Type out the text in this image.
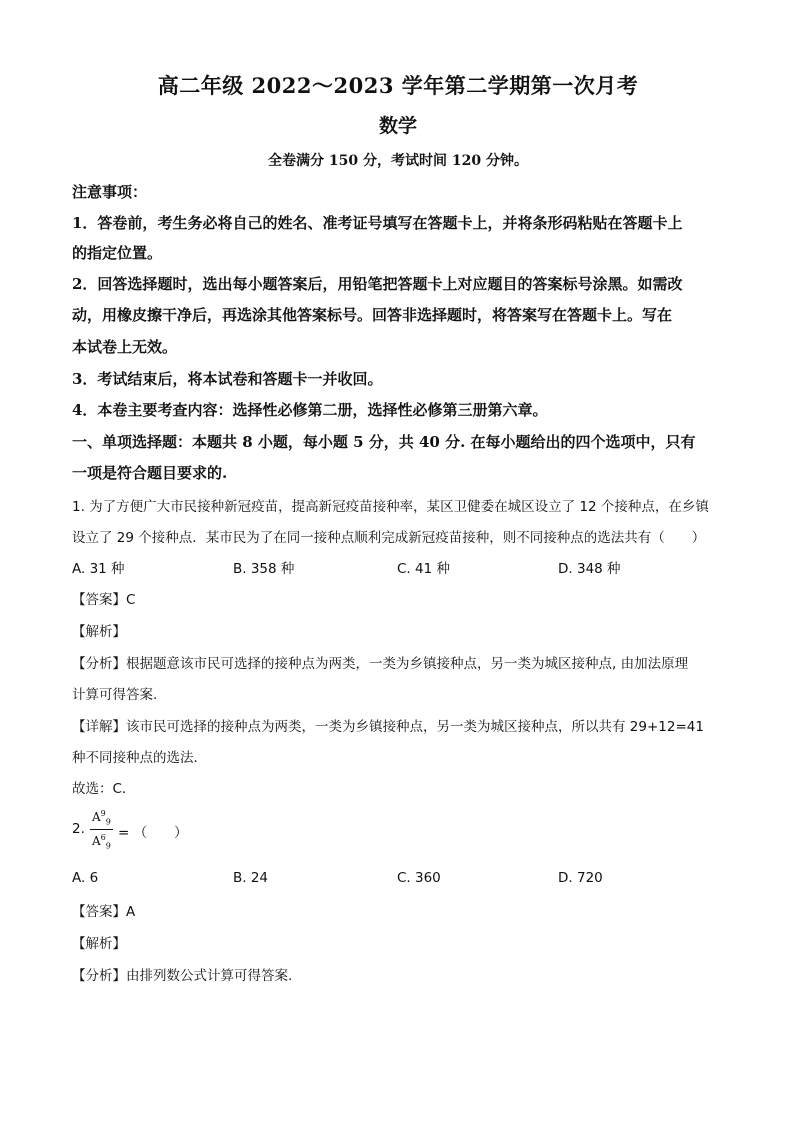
高二年级 2022～2023 学年第二学期第一次月考
数学
全卷满分 150 分，考试时间 120 分钟。
注意事项：
1．答卷前，考生务必将自己的姓名、准考证号填写在答题卡上，并将条形码粘贴在答题卡上
的指定位置。
2．回答选择题时，选出每小题答案后，用铅笔把答题卡上对应题目的答案标号涂黑。如需改
动，用橡皮擦干净后，再选涂其他答案标号。回答非选择题时，将答案写在答题卡上。写在
本试卷上无效。
3．考试结束后，将本试卷和答题卡一并收回。
4．本卷主要考查内容：选择性必修第二册，选择性必修第三册第六章。
一、单项选择题：本题共 8 小题，每小题 5 分，共 40 分. 在每小题给出的四个选项中，只有
一项是符合题目要求的.
1. 为了方便广大市民接种新冠疫苗，提高新冠疫苗接种率，某区卫健委在城区设立了 12 个接种点，在乡镇
设立了 29 个接种点．某市民为了在同一接种点顺利完成新冠疫苗接种，则不同接种点的选法共有（　　）
A. 31 种	B. 358 种	C. 41 种	D. 348 种
【答案】C
【解析】
【分析】根据题意该市民可选择的接种点为两类，一类为乡镇接种点，另一类为城区接种点, 由加法原理
计算可得答案.
【详解】该市民可选择的接种点为两类，一类为乡镇接种点，另一类为城区接种点，所以共有 29+12=41
种不同接种点的选法．
故选：C．
2. $\frac{A^9_9}{A^6_9}$ = （　　）
A. 6	B. 24	C. 360	D. 720
【答案】A
【解析】
【分析】由排列数公式计算可得答案.
